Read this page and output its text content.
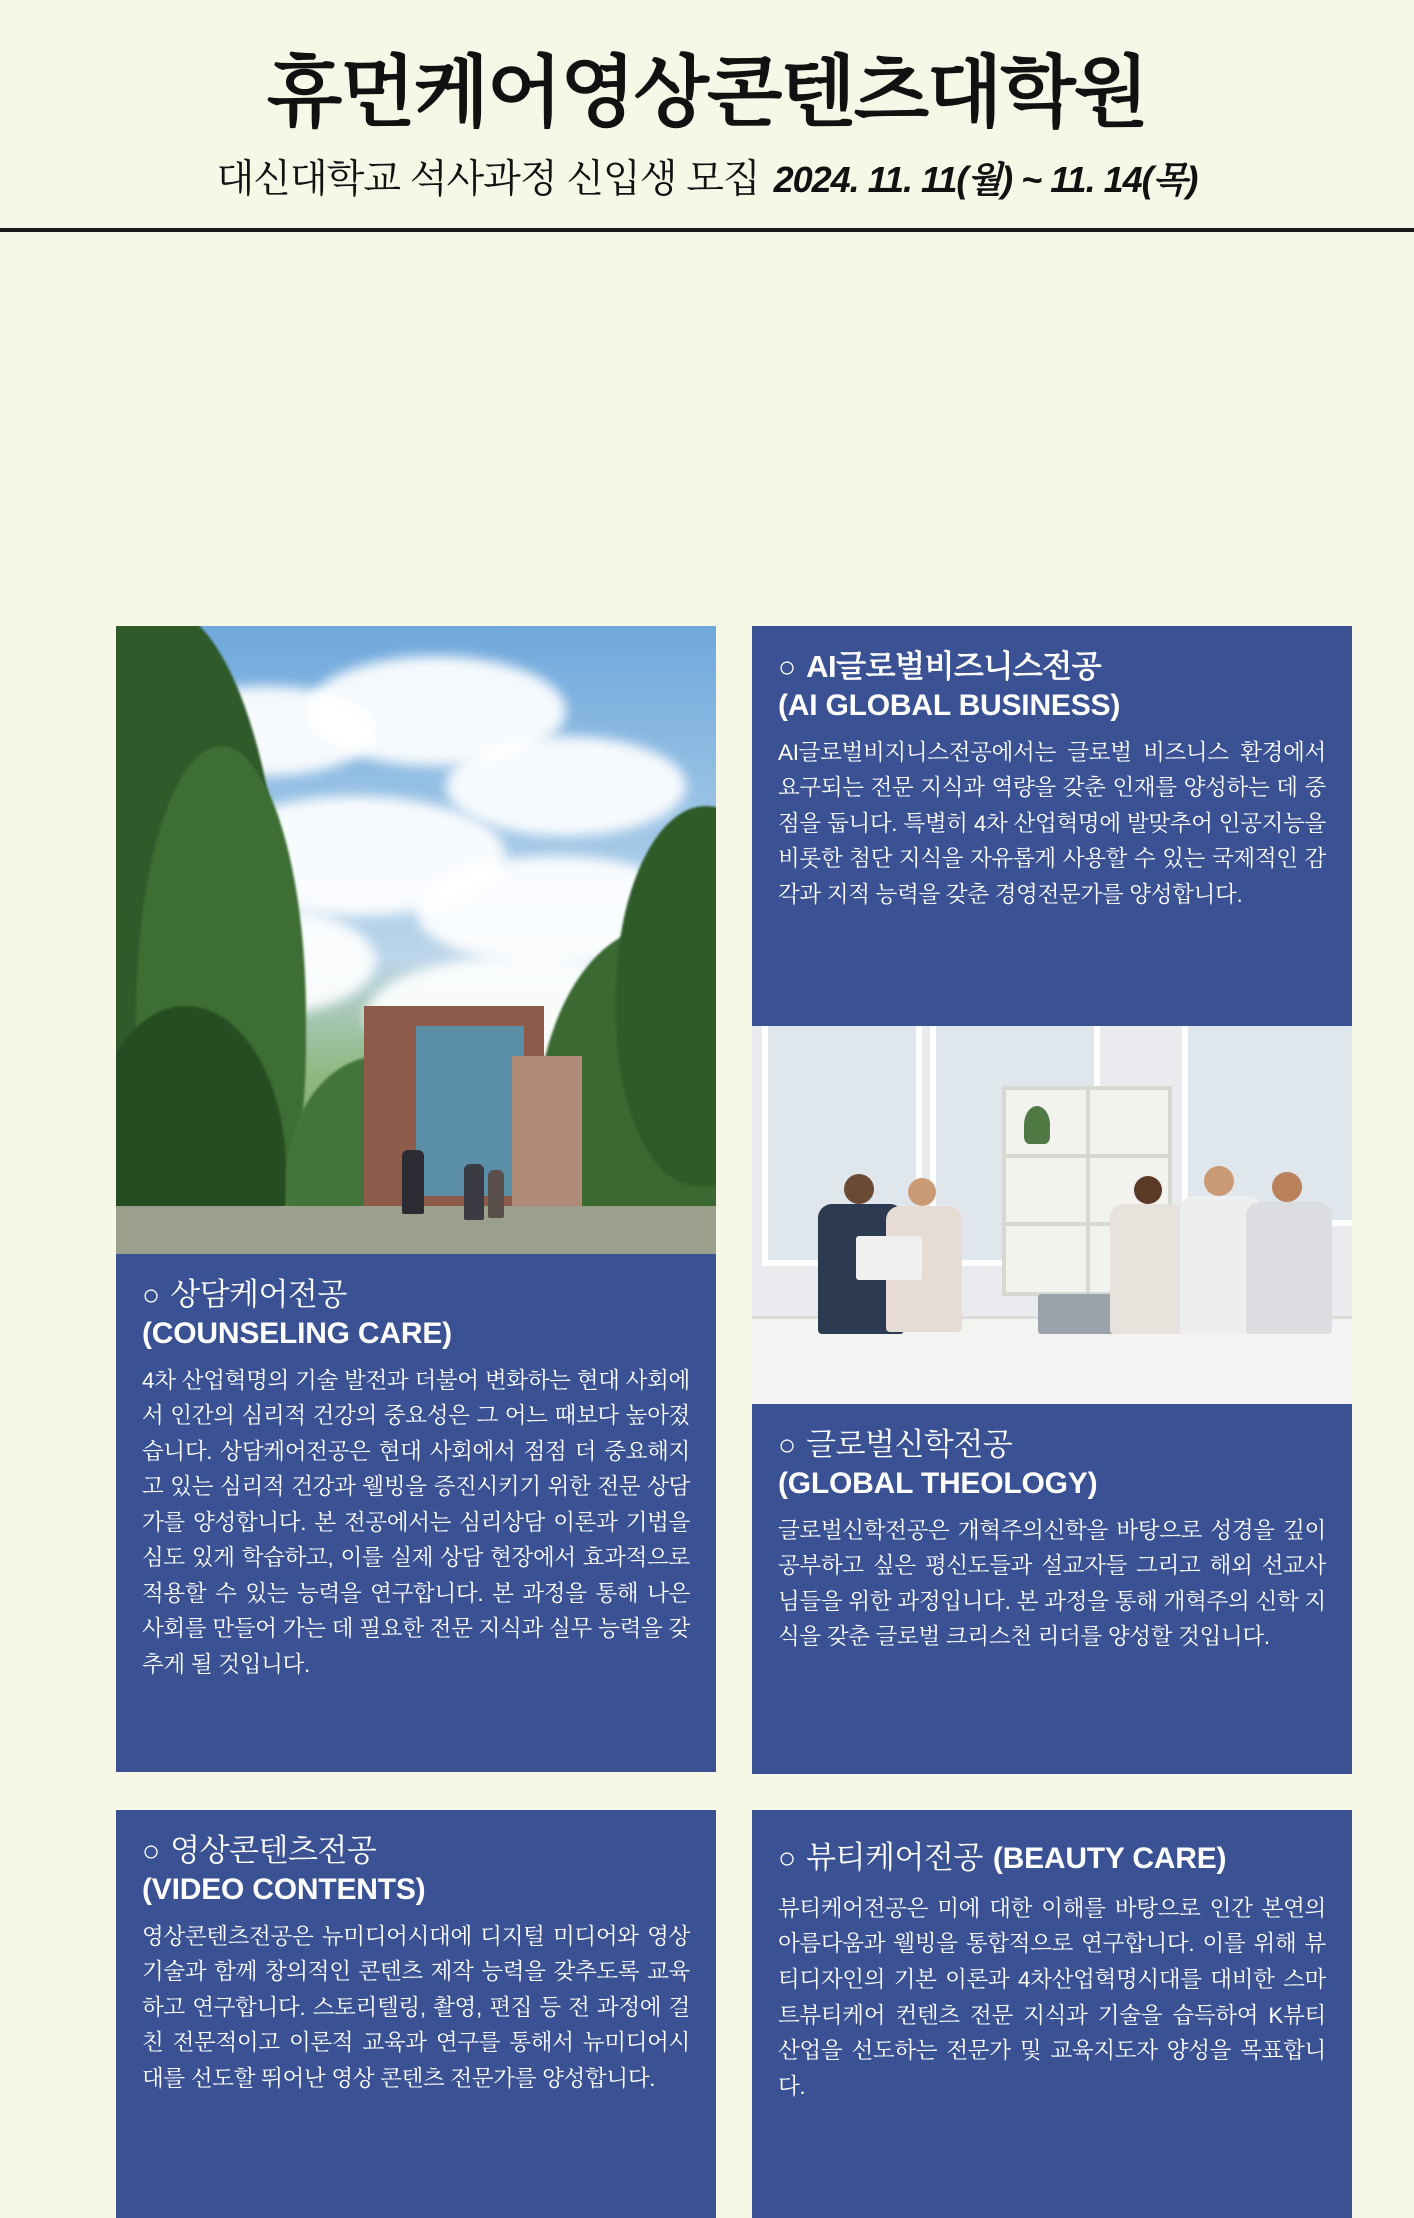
휴먼케어영상콘텐츠대학원
대신대학교 석사과정 신입생 모집 2024. 11. 11(월) ~ 11. 14(목)
○ 상담케어전공
(COUNSELING CARE)
4차 산업혁명의 기술 발전과 더불어 변화하는 현대 사회에서 인간의 심리적 건강의 중요성은 그 어느 때보다 높아졌습니다. 상담케어전공은 현대 사회에서 점점 더 중요해지고 있는 심리적 건강과 웰빙을 증진시키기 위한 전문 상담가를 양성합니다. 본 전공에서는 심리상담 이론과 기법을 심도 있게 학습하고, 이를 실제 상담 현장에서 효과적으로 적용할 수 있는 능력을 연구합니다. 본 과정을 통해 나은 사회를 만들어 가는 데 필요한 전문 지식과 실무 능력을 갖추게 될 것입니다.
○ AI글로벌비즈니스전공
(AI GLOBAL BUSINESS)
AI글로벌비지니스전공에서는 글로벌 비즈니스 환경에서 요구되는 전문 지식과 역량을 갖춘 인재를 양성하는 데 중점을 둡니다. 특별히 4차 산업혁명에 발맞추어 인공지능을 비롯한 첨단 지식을 자유롭게 사용할 수 있는 국제적인 감각과 지적 능력을 갖춘 경영전문가를 양성합니다.
○ 글로벌신학전공
(GLOBAL THEOLOGY)
글로벌신학전공은 개혁주의신학을 바탕으로 성경을 깊이 공부하고 싶은 평신도들과 설교자들 그리고 해외 선교사님들을 위한 과정입니다. 본 과정을 통해 개혁주의 신학 지식을 갖춘 글로벌 크리스천 리더를 양성할 것입니다.
○ 영상콘텐츠전공
(VIDEO CONTENTS)
영상콘텐츠전공은 뉴미디어시대에 디지털 미디어와 영상 기술과 함께 창의적인 콘텐츠 제작 능력을 갖추도록 교육하고 연구합니다. 스토리텔링, 촬영, 편집 등 전 과정에 걸친 전문적이고 이론적 교육과 연구를 통해서 뉴미디어시대를 선도할 뛰어난 영상 콘텐츠 전문가를 양성합니다.
○ 뷰티케어전공 (BEAUTY CARE)
뷰티케어전공은 미에 대한 이해를 바탕으로 인간 본연의 아름다움과 웰빙을 통합적으로 연구합니다. 이를 위해 뷰티디자인의 기본 이론과 4차산업혁명시대를 대비한 스마트뷰티케어 컨텐츠 전문 지식과 기술을 습득하여 K뷰티 산업을 선도하는 전문가 및 교육지도자 양성을 목표합니다.
